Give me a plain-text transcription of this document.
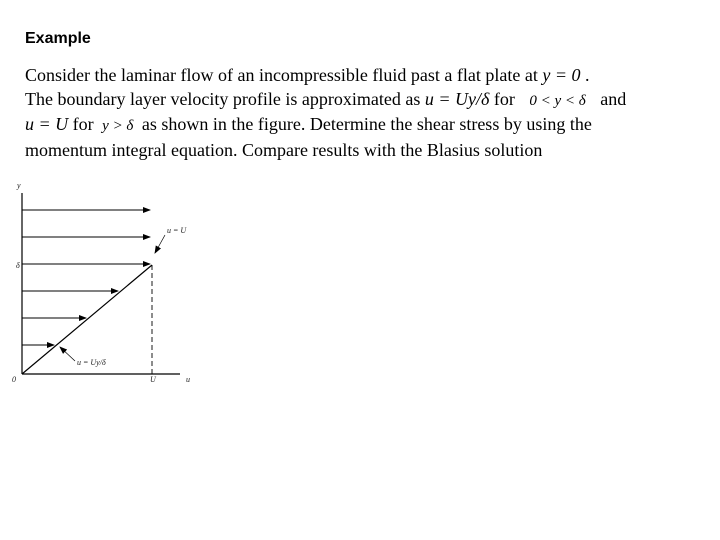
Example
Consider the laminar flow of an incompressible fluid past a flat plate at y = 0 .
The boundary layer velocity profile is approximated as u = Uy/δ for 0 < y < δ and
u = U for y > δ as shown in the figure. Determine the shear stress by using the
momentum integral equation. Compare results with the Blasius solution
y
u
0
δ
U
u = U
u = Uy/δ
